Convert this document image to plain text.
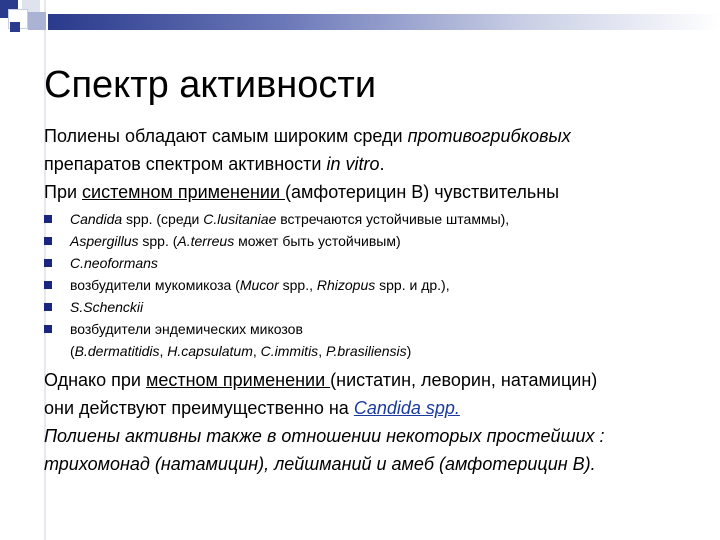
Спектр активности

Полиены обладают самым широким среди противогрибковых
препаратов спектром активности in vitro.
При системном применении (амфотерицин В) чувствительны

Candida spp. (среди C.lusitaniae встречаются устойчивые штаммы),
Aspergillus spp. (A.terreus может быть устойчивым)
C.neoformans
возбудители мукомикоза (Mucor spp., Rhizopus spp. и др.),
S.Schenckii
возбудители эндемических микозов
(B.dermatitidis, H.capsulatum, C.immitis, P.brasiliensis)

Однако при местном применении (нистатин, леворин, натамицин)
они действуют преимущественно на Candida spp.

Полиены активны также в отношении некоторых простейших :
трихомонад (натамицин), лейшманий и амеб (амфотерицин В).
